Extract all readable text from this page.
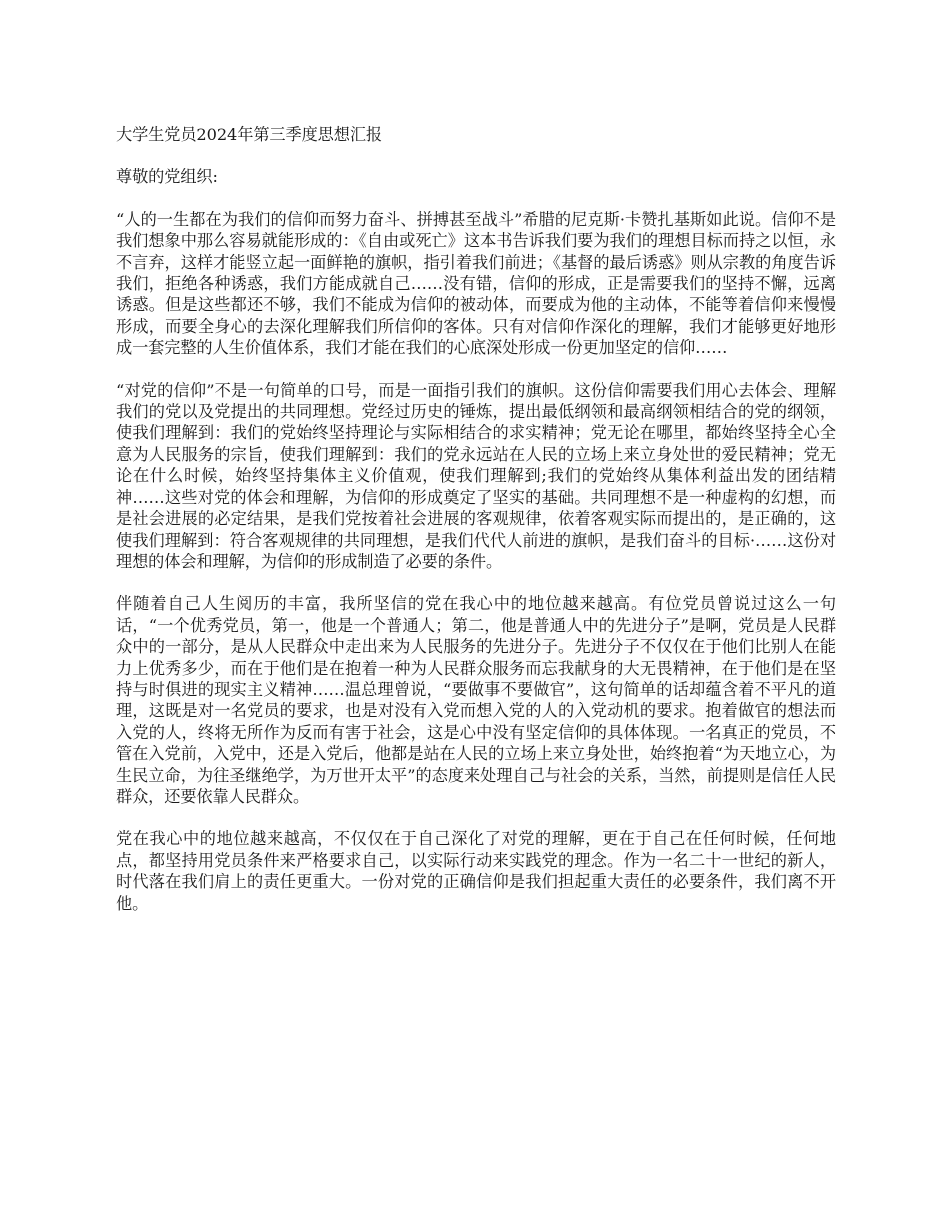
大学生党员2024年第三季度思想汇报
尊敬的党组织:
“人的一生都在为我们的信仰而努力奋斗、拼搏甚至战斗”希腊的尼克斯·卡赞扎基斯如此说。信仰不是我们想象中那么容易就能形成的：《自由或死亡》这本书告诉我们要为我们的理想目标而持之以恒，永不言弃，这样才能竖立起一面鲜艳的旗帜，指引着我们前进；《基督的最后诱惑》则从宗教的角度告诉我们，拒绝各种诱惑，我们方能成就自己……没有错，信仰的形成，正是需要我们的坚持不懈，远离诱惑。但是这些都还不够，我们不能成为信仰的被动体，而要成为他的主动体，不能等着信仰来慢慢形成，而要全身心的去深化理解我们所信仰的客体。只有对信仰作深化的理解，我们才能够更好地形成一套完整的人生价值体系，我们才能在我们的心底深处形成一份更加坚定的信仰……
“对党的信仰”不是一句简单的口号，而是一面指引我们的旗帜。这份信仰需要我们用心去体会、理解我们的党以及党提出的共同理想。党经过历史的锤炼，提出最低纲领和最高纲领相结合的党的纲领，使我们理解到：我们的党始终坚持理论与实际相结合的求实精神；党无论在哪里，都始终坚持全心全意为人民服务的宗旨，使我们理解到：我们的党永远站在人民的立场上来立身处世的爱民精神；党无论在什么时候，始终坚持集体主义价值观，使我们理解到;我们的党始终从集体利益出发的团结精神……这些对党的体会和理解，为信仰的形成奠定了坚实的基础。共同理想不是一种虚构的幻想，而是社会进展的必定结果，是我们党按着社会进展的客观规律，依着客观实际而提出的，是正确的，这使我们理解到：符合客观规律的共同理想，是我们代代人前进的旗帜，是我们奋斗的目标·……这份对理想的体会和理解，为信仰的形成制造了必要的条件。
伴随着自己人生阅历的丰富，我所坚信的党在我心中的地位越来越高。有位党员曾说过这么一句话，“一个优秀党员，第一，他是一个普通人；第二，他是普通人中的先进分子”是啊，党员是人民群众中的一部分，是从人民群众中走出来为人民服务的先进分子。先进分子不仅仅在于他们比别人在能力上优秀多少，而在于他们是在抱着一种为人民群众服务而忘我献身的大无畏精神，在于他们是在坚持与时俱进的现实主义精神……温总理曾说，“要做事不要做官”，这句简单的话却蕴含着不平凡的道理，这既是对一名党员的要求，也是对没有入党而想入党的人的入党动机的要求。抱着做官的想法而入党的人，终将无所作为反而有害于社会，这是心中没有坚定信仰的具体体现。一名真正的党员，不管在入党前，入党中，还是入党后，他都是站在人民的立场上来立身处世，始终抱着“为天地立心，为生民立命，为往圣继绝学，为万世开太平”的态度来处理自己与社会的关系，当然，前提则是信任人民群众，还要依靠人民群众。
党在我心中的地位越来越高，不仅仅在于自己深化了对党的理解，更在于自己在任何时候，任何地点，都坚持用党员条件来严格要求自己，以实际行动来实践党的理念。作为一名二十一世纪的新人，时代落在我们肩上的责任更重大。一份对党的正确信仰是我们担起重大责任的必要条件，我们离不开他。
